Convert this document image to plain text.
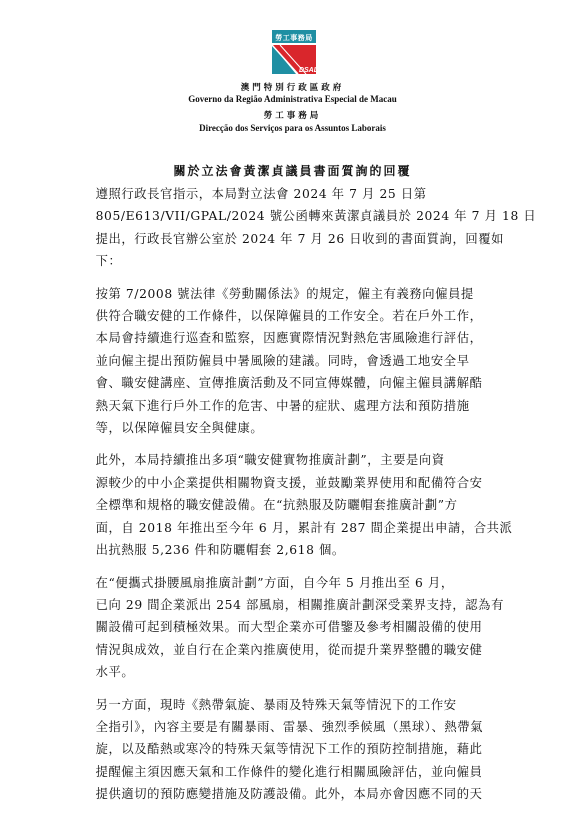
勞工事務局
DSAL
澳門特別行政區政府
Governo da Região Administrativa Especial de Macau
勞工事務局
Direcção dos Serviços para os Assuntos Laborais
關於立法會黃潔貞議員書面質詢的回覆
遵照行政長官指示，本局對立法會 2024 年 7 月 25 日第
805/E613/VII/GPAL/2024 號公函轉來黃潔貞議員於 2024 年 7 月 18 日
提出，行政長官辦公室於 2024 年 7 月 26 日收到的書面質詢，回覆如
下：
按第 7/2008 號法律《勞動關係法》的規定，僱主有義務向僱員提
供符合職安健的工作條件，以保障僱員的工作安全。若在戶外工作，
本局會持續進行巡查和監察，因應實際情況對熱危害風險進行評估，
並向僱主提出預防僱員中暑風險的建議。同時，會透過工地安全早
會、職安健講座、宣傳推廣活動及不同宣傳媒體，向僱主僱員講解酷
熱天氣下進行戶外工作的危害、中暑的症狀、處理方法和預防措施
等，以保障僱員安全與健康。
此外，本局持續推出多項“職安健實物推廣計劃”，主要是向資
源較少的中小企業提供相關物資支援，並鼓勵業界使用和配備符合安
全標準和規格的職安健設備。在“抗熱服及防曬帽套推廣計劃”方
面，自 2018 年推出至今年 6 月，累計有 287 間企業提出申請，合共派
出抗熱服 5,236 件和防曬帽套 2,618 個。
在“便攜式掛腰風扇推廣計劃”方面，自今年 5 月推出至 6 月，
已向 29 間企業派出 254 部風扇，相關推廣計劃深受業界支持，認為有
關設備可起到積極效果。而大型企業亦可借鑒及參考相關設備的使用
情況與成效，並自行在企業內推廣使用，從而提升業界整體的職安健
水平。
另一方面，現時《熱帶氣旋、暴雨及特殊天氣等情況下的工作安
全指引》，內容主要是有關暴雨、雷暴、強烈季候風（黑球）、熱帶氣
旋，以及酷熱或寒冷的特殊天氣等情況下工作的預防控制措施，藉此
提醒僱主須因應天氣和工作條件的變化進行相關風險評估，並向僱員
提供適切的預防應變措施及防護設備。此外，本局亦會因應不同的天
